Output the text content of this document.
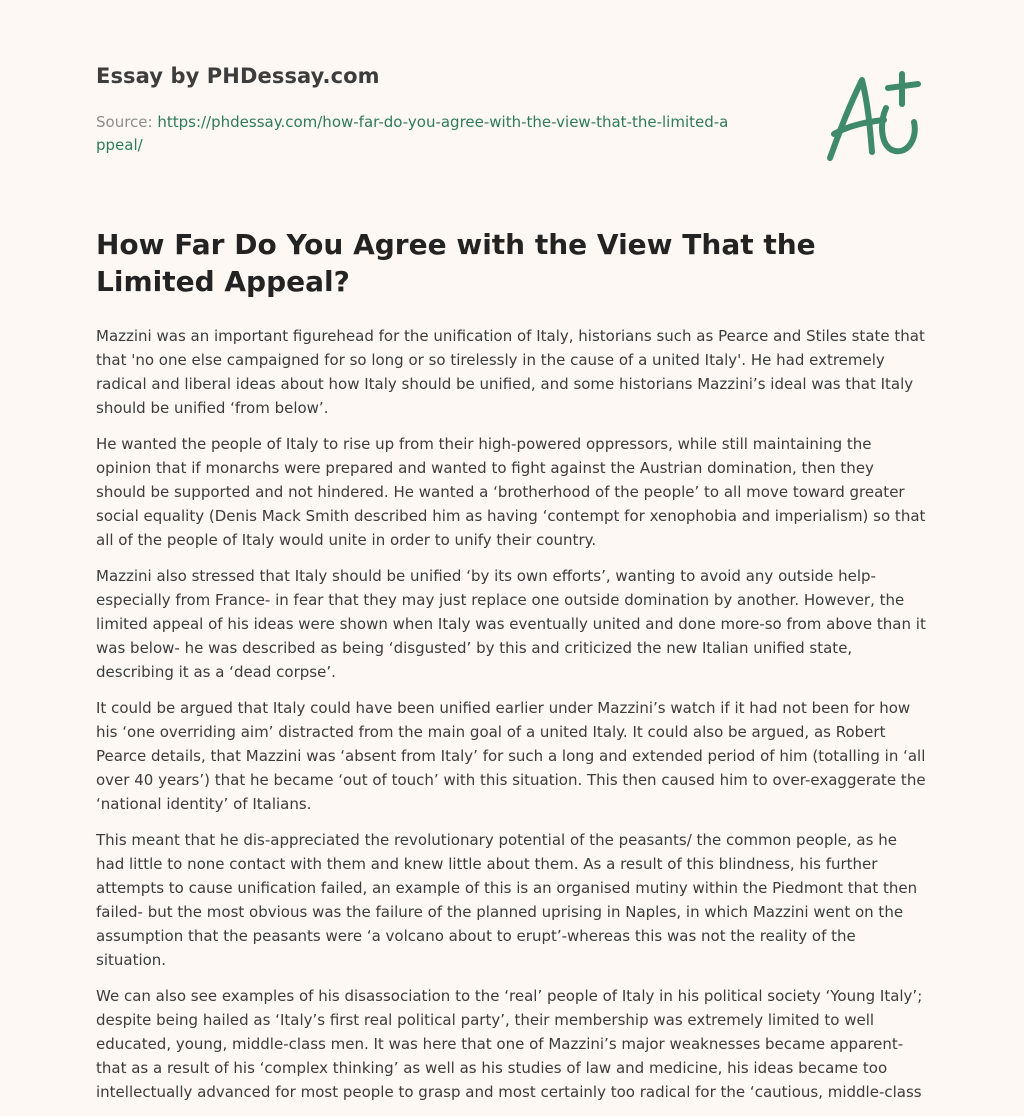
Essay by PHDessay.com
Source: https://phdessay.com/how-far-do-you-agree-with-the-view-that-the-limited-appeal/
How Far Do You Agree with the View That the Limited Appeal?

Mazzini was an important figurehead for the unification of Italy, historians such as Pearce and Stiles state that that 'no one else campaigned for so long or so tirelessly in the cause of a united Italy'. He had extremely radical and liberal ideas about how Italy should be unified, and some historians Mazzini’s ideal was that Italy should be unified ‘from below’.

He wanted the people of Italy to rise up from their high-powered oppressors, while still maintaining the opinion that if monarchs were prepared and wanted to fight against the Austrian domination, then they should be supported and not hindered. He wanted a ‘brotherhood of the people’ to all move toward greater social equality (Denis Mack Smith described him as having ‘contempt for xenophobia and imperialism) so that all of the people of Italy would unite in order to unify their country.

Mazzini also stressed that Italy should be unified ‘by its own efforts’, wanting to avoid any outside help- especially from France- in fear that they may just replace one outside domination by another. However, the limited appeal of his ideas were shown when Italy was eventually united and done more-so from above than it was below- he was described as being ‘disgusted’ by this and criticized the new Italian unified state, describing it as a ‘dead corpse’.

It could be argued that Italy could have been unified earlier under Mazzini’s watch if it had not been for how his ‘one overriding aim’ distracted from the main goal of a united Italy. It could also be argued, as Robert Pearce details, that Mazzini was ‘absent from Italy’ for such a long and extended period of him (totalling in ‘all over 40 years’) that he became ‘out of touch’ with this situation. This then caused him to over-exaggerate the ‘national identity’ of Italians.

This meant that he dis-appreciated the revolutionary potential of the peasants/ the common people, as he had little to none contact with them and knew little about them. As a result of this blindness, his further attempts to cause unification failed, an example of this is an organised mutiny within the Piedmont that then failed- but the most obvious was the failure of the planned uprising in Naples, in which Mazzini went on the assumption that the peasants were ‘a volcano about to erupt’-whereas this was not the reality of the situation.

We can also see examples of his disassociation to the ‘real’ people of Italy in his political society ‘Young Italy’; despite being hailed as ‘Italy’s first real political party’, their membership was extremely limited to well educated, young, middle-class men. It was here that one of Mazzini’s major weaknesses became apparent- that as a result of his ‘complex thinking’ as well as his studies of law and medicine, his ideas became too intellectually advanced for most people to grasp and most certainly too radical for the ‘cautious, middle-class
